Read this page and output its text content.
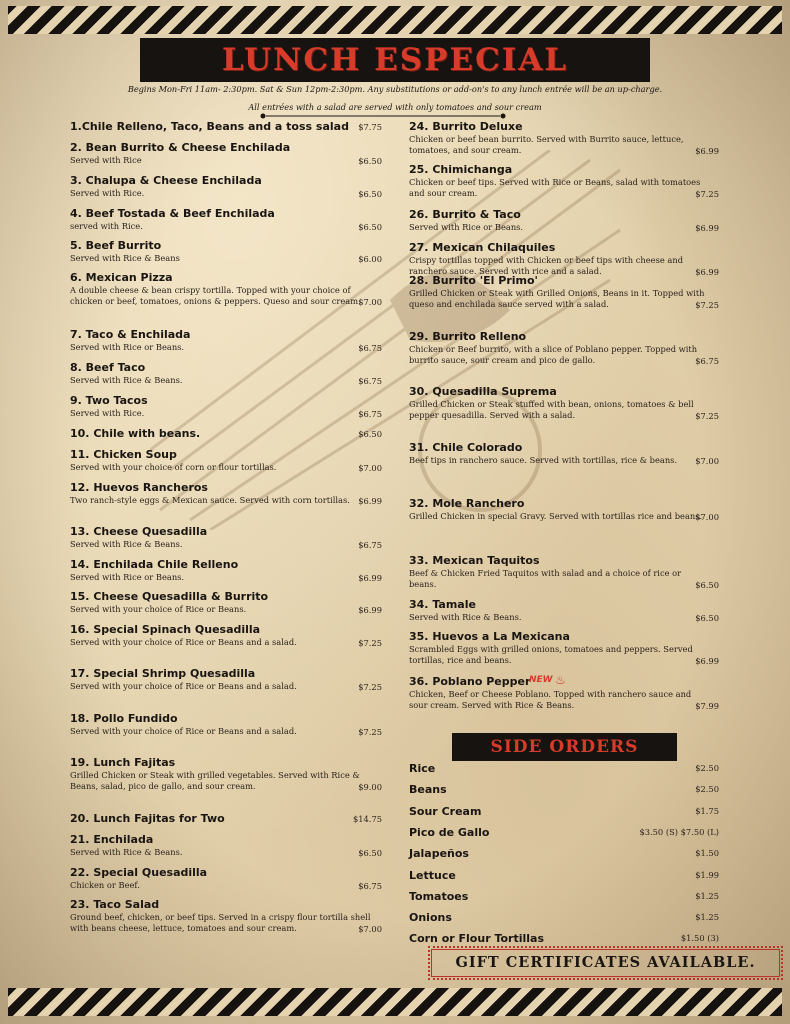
LUNCH ESPECIAL
Begins Mon-Fri 11am- 2:30pm. Sat & Sun 12pm-2:30pm. Any substitutions or add-on's to any lunch entrée will be an up-charge.
All entrées with a salad are served with only tomatoes and sour cream
1.Chile Relleno, Taco, Beans and a toss salad	$7.75
2. Bean Burrito & Cheese Enchilada
Served with Rice	$6.50
3. Chalupa & Cheese Enchilada
Served with Rice.	$6.50
4. Beef Tostada & Beef Enchilada
served with Rice.	$6.50
5. Beef Burrito
Served with Rice & Beans	$6.00
6. Mexican Pizza
A double cheese & bean crispy tortilla. Topped with your choice of chicken or beef, tomatoes, onions & peppers. Queso and sour cream.
$7.00
7. Taco & Enchilada
Served with Rice or Beans.	$6.75
8. Beef Taco
Served with Rice & Beans.	$6.75
9. Two Tacos
Served with Rice.	$6.75
10. Chile with beans.	$6.50
11. Chicken Soup
Served with your choice of corn or flour tortillas.	$7.00
12. Huevos Rancheros
Two ranch-style eggs & Mexican sauce. Served with corn tortillas.	$6.99
13. Cheese Quesadilla
Served with Rice & Beans.	$6.75
14. Enchilada Chile Relleno
Served with Rice or Beans.	$6.99
15. Cheese Quesadilla & Burrito
Served with your choice of Rice or Beans.	$6.99
16. Special Spinach Quesadilla
Served with your choice of Rice or Beans and a salad.	$7.25
17. Special Shrimp Quesadilla
Served with your choice of Rice or Beans and a salad.	$7.25
18. Pollo Fundido
Served with your choice of Rice or Beans and a salad.	$7.25
19. Lunch Fajitas
Grilled Chicken or Steak with grilled vegetables. Served with Rice & Beans, salad, pico de gallo, and sour cream.	$9.00
20. Lunch Fajitas for Two	$14.75
21. Enchilada
Served with Rice & Beans.	$6.50
22. Special Quesadilla
Chicken or Beef.	$6.75
23. Taco Salad
Ground beef, chicken, or beef tips. Served in a crispy flour tortilla shell with beans cheese, lettuce, tomatoes and sour cream.	$7.00
24. Burrito Deluxe
Chicken or beef bean burrito. Served with Burrito sauce, lettuce, tomatoes, and sour cream.	$6.99
25. Chimichanga
Chicken or beef tips. Served with Rice or Beans, salad with tomatoes and sour cream.	$7.25
26. Burrito & Taco
Served with Rice or Beans.	$6.99
27. Mexican Chilaquiles
Crispy tortillas topped with Chicken or beef tips with cheese and ranchero sauce. Served with rice and a salad.	$6.99
28. Burrito 'El Primo'
Grilled Chicken or Steak with Grilled Onions, Beans in it. Topped with queso and enchilada sauce served with a salad.	$7.25
29. Burrito Relleno
Chicken or Beef burrito, with a slice of Poblano pepper. Topped with burrito sauce, sour cream and pico de gallo.	$6.75
30. Quesadilla Suprema
Grilled Chicken or Steak stuffed with bean, onions, tomatoes & bell pepper quesadilla. Served with a salad.	$7.25
31. Chile Colorado
Beef tips in ranchero sauce. Served with tortillas, rice & beans.	$7.00
32. Mole Ranchero
Grilled Chicken in special Gravy. Served with tortillas rice and beans.
$7.00
33. Mexican Taquitos
Beef & Chicken Fried Taquitos with salad and a choice of rice or beans.	$6.50
34. Tamale
Served with Rice & Beans.	$6.50
35. Huevos a La Mexicana
Scrambled Eggs with grilled onions, tomatoes and peppers. Served tortillas, rice and beans.	$6.99
36. Poblano Pepper
NEW ♨
Chicken, Beef or Cheese Poblano. Topped with ranchero sauce and sour cream. Served with Rice & Beans.	$7.99
SIDE ORDERS
Rice	$2.50
Beans	$2.50
Sour Cream	$1.75
Pico de Gallo	$3.50 (S) $7.50 (L)
Jalapeños	$1.50
Lettuce	$1.99
Tomatoes	$1.25
Onions	$1.25
Corn or Flour Tortillas	$1.50 (3)
GIFT CERTIFICATES AVAILABLE.
